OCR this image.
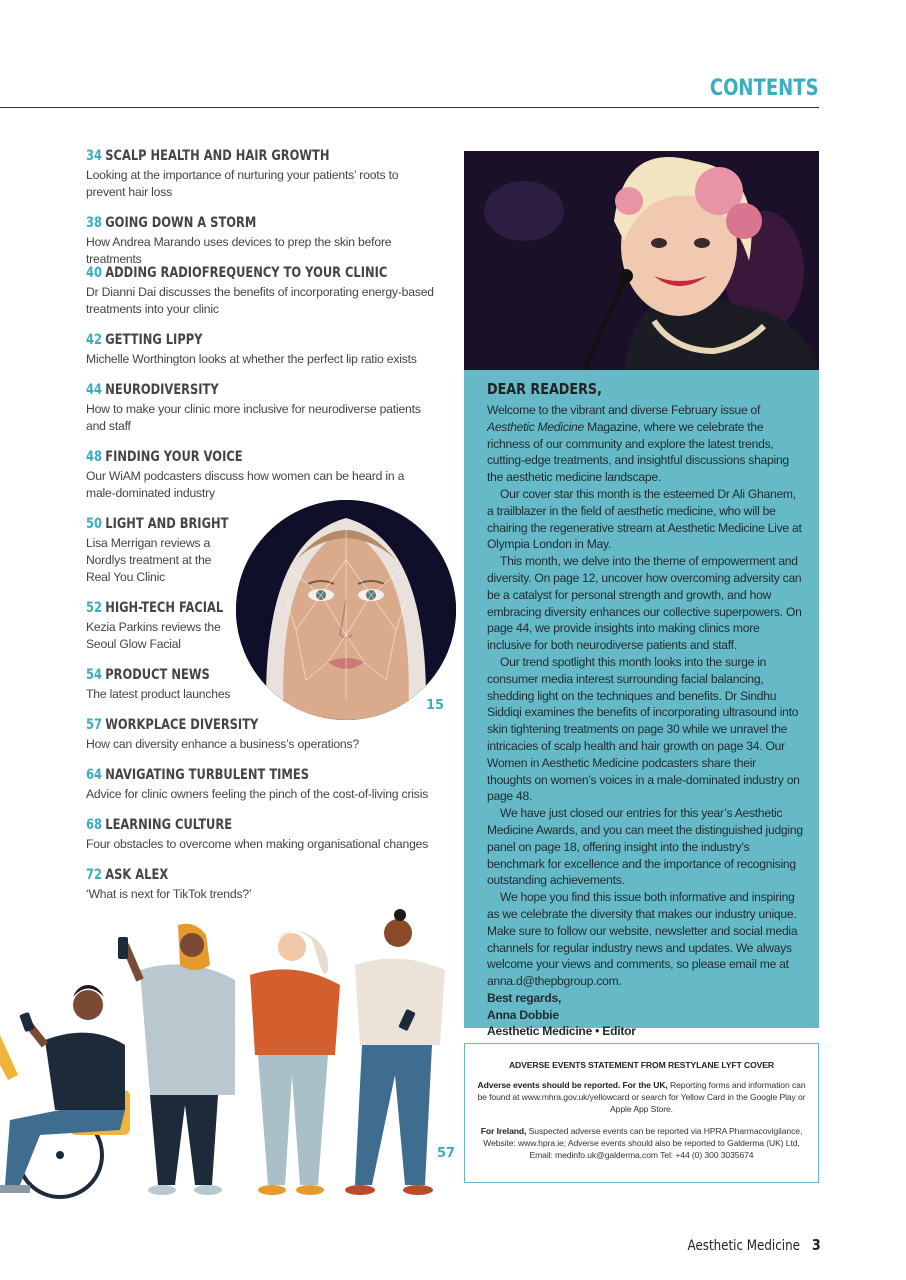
CONTENTS
34 SCALP HEALTH AND HAIR GROWTH
Looking at the importance of nurturing your patients’ roots to prevent hair loss
38 GOING DOWN A STORM
How Andrea Marando uses devices to prep the skin before treatments
40 ADDING RADIOFREQUENCY TO YOUR CLINIC
Dr Dianni Dai discusses the benefits of incorporating energy-based treatments into your clinic
42 GETTING LIPPY
Michelle Worthington looks at whether the perfect lip ratio exists
44 NEURODIVERSITY
How to make your clinic more inclusive for neurodiverse patients and staff
48 FINDING YOUR VOICE
Our WiAM podcasters discuss how women can be heard in a male-dominated industry
50 LIGHT AND BRIGHT
Lisa Merrigan reviews a Nordlys treatment at the Real You Clinic
52 HIGH-TECH FACIAL
Kezia Parkins reviews the Seoul Glow Facial
54 PRODUCT NEWS
The latest product launches
57 WORKPLACE DIVERSITY
How can diversity enhance a business’s operations?
64 NAVIGATING TURBULENT TIMES
Advice for clinic owners feeling the pinch of the cost-of-living crisis
68 LEARNING CULTURE
Four obstacles to overcome when making organisational changes
72 ASK ALEX
‘What is next for TikTok trends?’
15
DEAR READERS,

Welcome to the vibrant and diverse February issue of Aesthetic Medicine Magazine, where we celebrate the richness of our community and explore the latest trends, cutting-edge treatments, and insightful discussions shaping the aesthetic medicine landscape.

Our cover star this month is the esteemed Dr Ali Ghanem, a trailblazer in the field of aesthetic medicine, who will be chairing the regenerative stream at Aesthetic Medicine Live at Olympia London in May.

This month, we delve into the theme of empowerment and diversity. On page 12, uncover how overcoming adversity can be a catalyst for personal strength and growth, and how embracing diversity enhances our collective superpowers. On page 44, we provide insights into making clinics more inclusive for both neurodiverse patients and staff.

Our trend spotlight this month looks into the surge in consumer media interest surrounding facial balancing, shedding light on the techniques and benefits. Dr Sindhu Siddiqi examines the benefits of incorporating ultrasound into skin tightening treatments on page 30 while we unravel the intricacies of scalp health and hair growth on page 34. Our Women in Aesthetic Medicine podcasters share their thoughts on women’s voices in a male-dominated industry on page 48.

We have just closed our entries for this year’s Aesthetic Medicine Awards, and you can meet the distinguished judging panel on page 18, offering insight into the industry’s benchmark for excellence and the importance of recognising outstanding achievements.

We hope you find this issue both informative and inspiring as we celebrate the diversity that makes our industry unique. Make sure to follow our website, newsletter and social media channels for regular industry news and updates. We always welcome your views and comments, so please email me at anna.d@thepbgroup.com.

Best regards,

Anna Dobbie

Aesthetic Medicine • Editor

ADVERSE EVENTS STATEMENT FROM RESTYLANE LYFT COVER
Adverse events should be reported. For the UK, Reporting forms and information can be found at www.mhra.gov.uk/yellowcard or search for Yellow Card in the Google Play or Apple App Store.
For Ireland, Suspected adverse events can be reported via HPRA Pharmacovigilance, Website: www.hpra.ie; Adverse events should also be reported to Galderma (UK) Ltd, Email: medinfo.uk@galderma.com Tel: +44 (0) 300 3035674
57
Aesthetic Medicine 3
